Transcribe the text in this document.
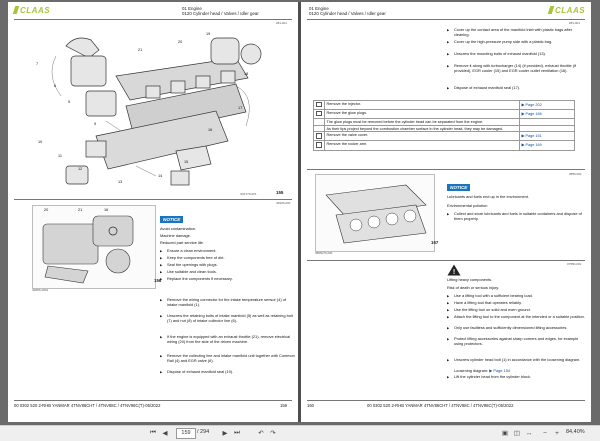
CLAAS	01 Engine
0120 Cylinder head / Valves / Idler gear
281-001
7
6
5
9
10
11
12
13
14
15
16
17
18
19
20
21
4N1779-001	155
4390S-001
20	21	16
4286S-0001
156
NOTICE
Avoid contamination.
Machine damage.
Reduced part service life.
▶ Ensure a clean environment.
▶ Keep the components free of dirt.
▶ Seal the openings with plugs.
▶ Use suitable and clean tools.
▶ Replace the components if necessary.
▶ Remove the wiring connector for the intake temperature sensor (4) of intake manifold (1).
▶ Unscrew the retaining bolts of intake manifold (5) as well as retaining bolt (7) and nut (8) of intake collector line (6).
▶ If the engine is equipped with an exhaust throttle (21), remove electrical wiring (20) from the side of the driven machine.
▶ Remove the collecting line and intake manifold unit together with Common Rail (4) and EGR valve (6).
▶ Dispose of exhaust manifold seal (19).
00 0302 520 2-RHB YANMAR 4TNV86CHT / 4TNV88C / 4TNV98C(T)-05/2022	159
01 Engine
0120 Cylinder head / Valves / Idler gear	CLAAS
281-001
▶ Cover up the contact area of the manifold inlet with plastic bags after cleaning.
▶ Cover up the high-pressure pump side with a plastic bag.
▶ Unscrew the mounting bolts of exhaust manifold (13).
▶ Remove it along with turbocharger (14) (if provided), exhaust throttle (if provided), EGR cooler (15) and EGR cooler outlet ventilation (16).
▶ Dispose of exhaust manifold seal (17).
	Remove the injector.	▶ Page 202
	Remove the glow plugs.	▶ Page 166
	The glow plugs must be removed before the cylinder head can be separated from the engine.	
	As their tips project beyond the combustion chamber surface in the cylinder head, they may be damaged.	
	Remove the valve cover.	▶ Page 151
	Remove the rocker arm.	▶ Page 169
3855-001
3855076-001
157
NOTICE
Lubricants and fuels end up in the environment.
Environmental pollution
▶ Collect and store lubricants and fuels in suitable containers and dispose of them properly.
07550-001
!
Lifting heavy components.
Risk of death or serious injury.
▶ Use a lifting tool with a sufficient bearing load.
▶ Have a lifting tool that operates reliably.
▶ Use the lifting tool on solid and even ground.
▶ Attach the lifting tool to the component at the intended or a suitable position.
▶ Only use faultless and sufficiently dimensioned lifting accessories.
▶ Protect lifting accessories against sharp corners and edges, for example using protectors.
▶ Unscrew cylinder head bolt (1) in accordance with the loosening diagram.
Loosening diagram: ▶ Page 154
▶ Lift the cylinder head from the cylinder block.
160	00 0302 520 2-RHB YANMAR 4TNV86CHT / 4TNV88C / 4TNV98C(T)-05/2022
⏮	◀	159	/ 294	▶	⏭	↶	↷	▣ ◫ ↔	−	+	84,40%
